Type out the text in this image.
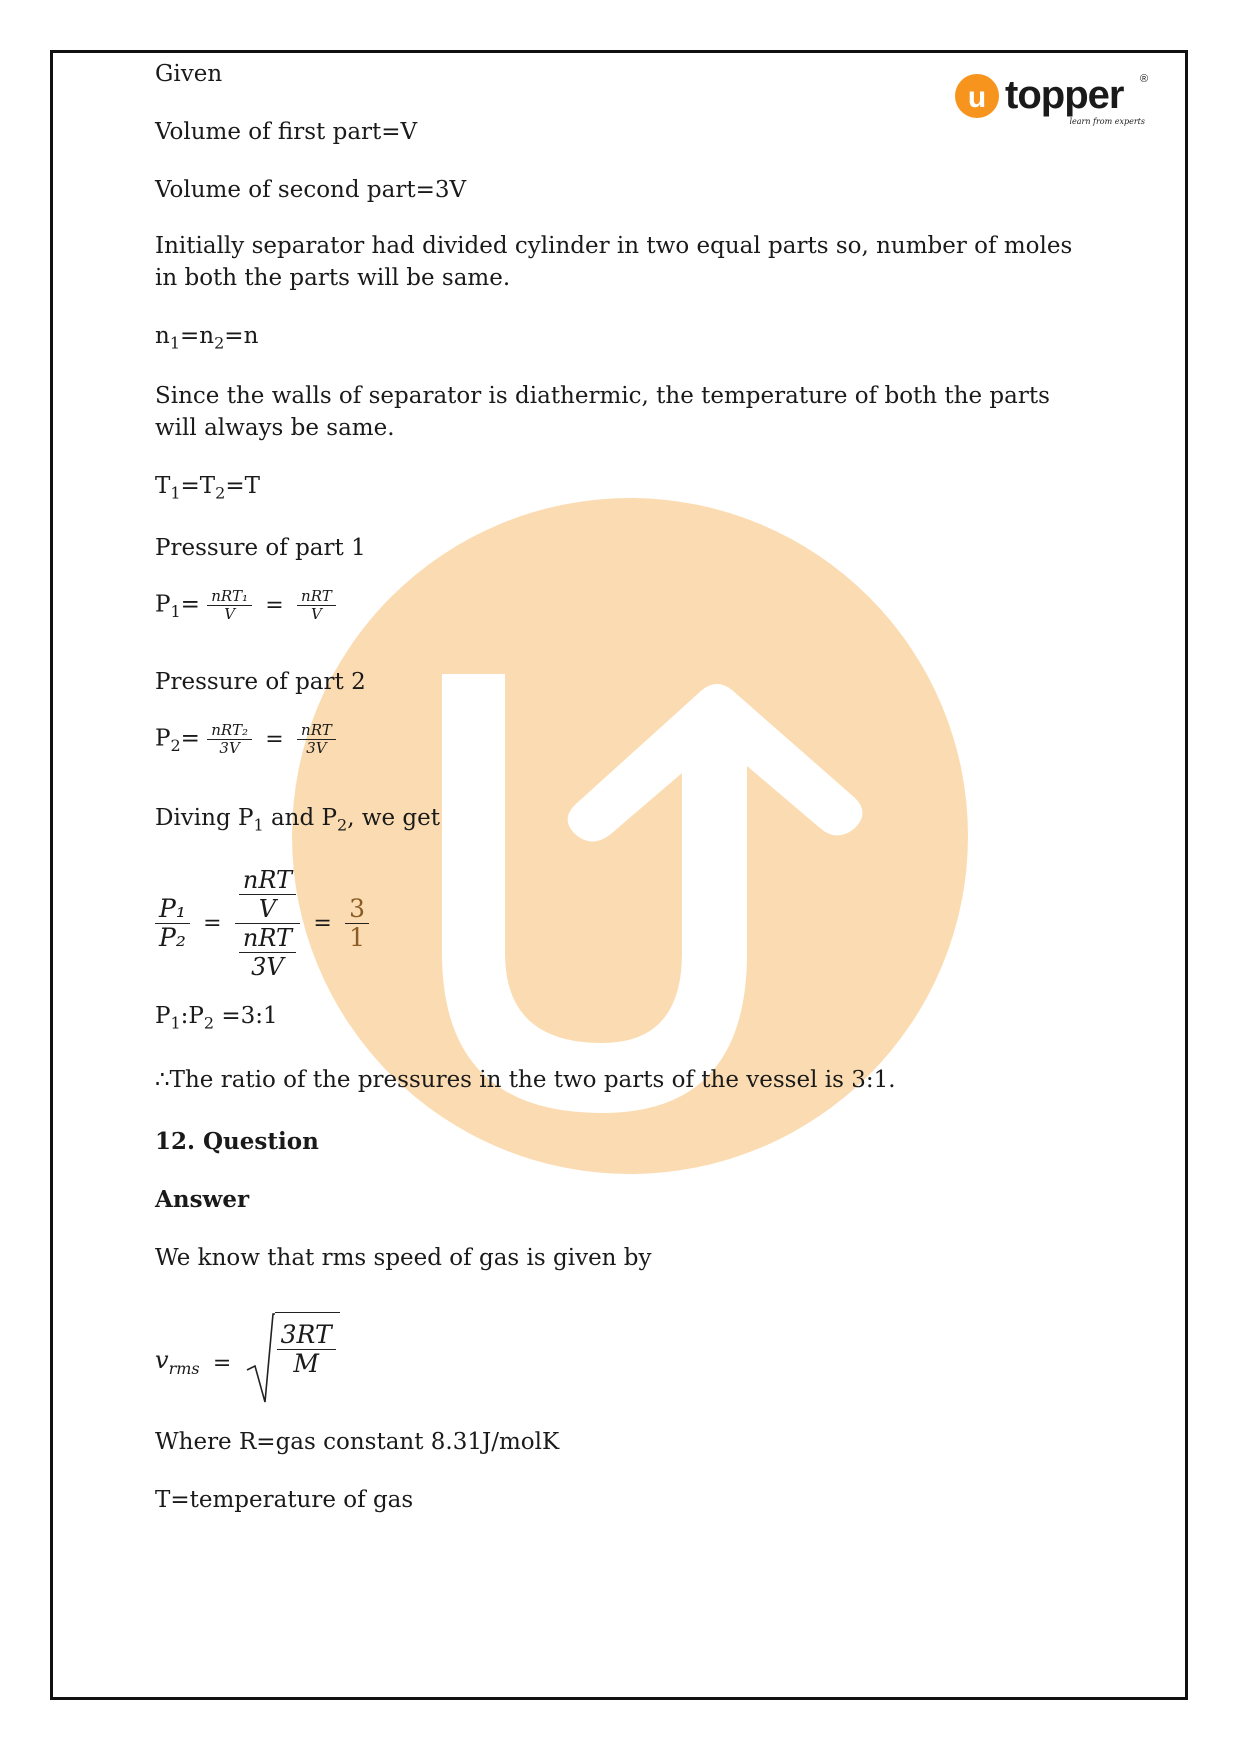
u topper ®
learn from experts
Given
Volume of first part=V
Volume of second part=3V
Initially separator had divided cylinder in two equal parts so, number of moles in both the parts will be same.
$n_1=n_2=n$
Since the walls of separator is diathermic, the temperature of both the parts will always be same.
$T_1=T_2=T$
Pressure of part 1
$P_1= \frac{\text{nRT₁}}{V} = \frac{\text{nRT}}{V}$
Pressure of part 2
$P_2= \frac{\text{nRT₂}}{3V} = \frac{\text{nRT}}{3V}$
Diving $P_1$ and $P_2$, we get
$\frac{\text{P₁}}{\text{P₂}} = \frac{\frac{\text{nRT}}{V}}{\frac{\text{nRT}}{3V}} = \frac{3}{1}$
$P_1:P_2$ =3:1
∴The ratio of the pressures in the two parts of the vessel is 3:1.
12. Question
Answer
We know that rms speed of gas is given by
$v_{rms} = \frac{3RT}{M}$
Where R=gas constant 8.31J/molK
T=temperature of gas
